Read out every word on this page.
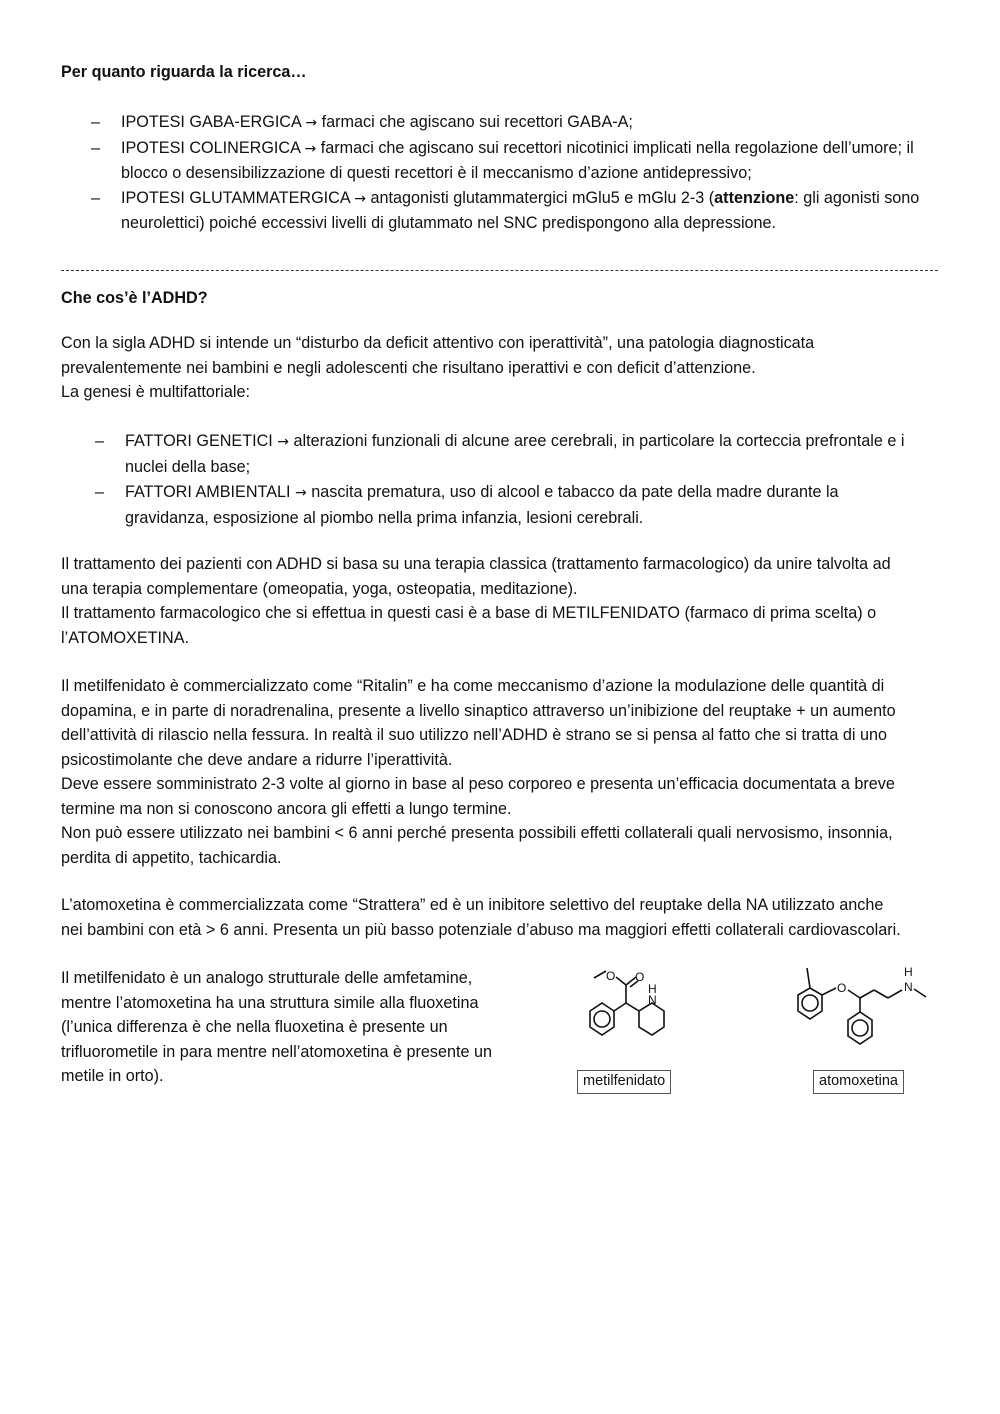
Per quanto riguarda la ricerca…
– IPOTESI GABA-ERGICA → farmaci che agiscano sui recettori GABA-A;
– IPOTESI COLINERGICA → farmaci che agiscano sui recettori nicotinici implicati nella regolazione dell’umore; il
blocco o desensibilizzazione di questi recettori è il meccanismo d’azione antidepressivo;
– IPOTESI GLUTAMMATERGICA → antagonisti glutammatergici mGlu5 e mGlu 2-3 (attenzione: gli agonisti sono
neurolettici) poiché eccessivi livelli di glutammato nel SNC predispongono alla depressione.
Che cos’è l’ADHD?
Con la sigla ADHD si intende un “disturbo da deficit attentivo con iperattività”, una patologia diagnosticata
prevalentemente nei bambini e negli adolescenti che risultano iperattivi e con deficit d’attenzione.
La genesi è multifattoriale:
– FATTORI GENETICI → alterazioni funzionali di alcune aree cerebrali, in particolare la corteccia prefrontale e i
nuclei della base;
– FATTORI AMBIENTALI → nascita prematura, uso di alcool e tabacco da pate della madre durante la
gravidanza, esposizione al piombo nella prima infanzia, lesioni cerebrali.
Il trattamento dei pazienti con ADHD si basa su una terapia classica (trattamento farmacologico) da unire talvolta ad
una terapia complementare (omeopatia, yoga, osteopatia, meditazione).
Il trattamento farmacologico che si effettua in questi casi è a base di METILFENIDATO (farmaco di prima scelta) o
l’ATOMOXETINA.
Il metilfenidato è commercializzato come “Ritalin” e ha come meccanismo d’azione la modulazione delle quantità di
dopamina, e in parte di noradrenalina, presente a livello sinaptico attraverso un’inibizione del reuptake + un aumento
dell’attività di rilascio nella fessura. In realtà il suo utilizzo nell’ADHD è strano se si pensa al fatto che si tratta di uno
psicostimolante che deve andare a ridurre l’iperattività.
Deve essere somministrato 2-3 volte al giorno in base al peso corporeo e presenta un’efficacia documentata a breve
termine ma non si conoscono ancora gli effetti a lungo termine.
Non può essere utilizzato nei bambini < 6 anni perché presenta possibili effetti collaterali quali nervosismo, insonnia,
perdita di appetito, tachicardia.
L’atomoxetina è commercializzata come “Strattera” ed è un inibitore selettivo del reuptake della NA utilizzato anche
nei bambini con età > 6 anni. Presenta un più basso potenziale d’abuso ma maggiori effetti collaterali cardiovascolari.
Il metilfenidato è un analogo strutturale delle amfetamine,
mentre l’atomoxetina ha una struttura simile alla fluoxetina
(l’unica differenza è che nella fluoxetina è presente un
trifluorometile in para mentre nell’atomoxetina è presente un
metile in orto).
O O
N
H
metilfenidato
O	N
H
atomoxetina
